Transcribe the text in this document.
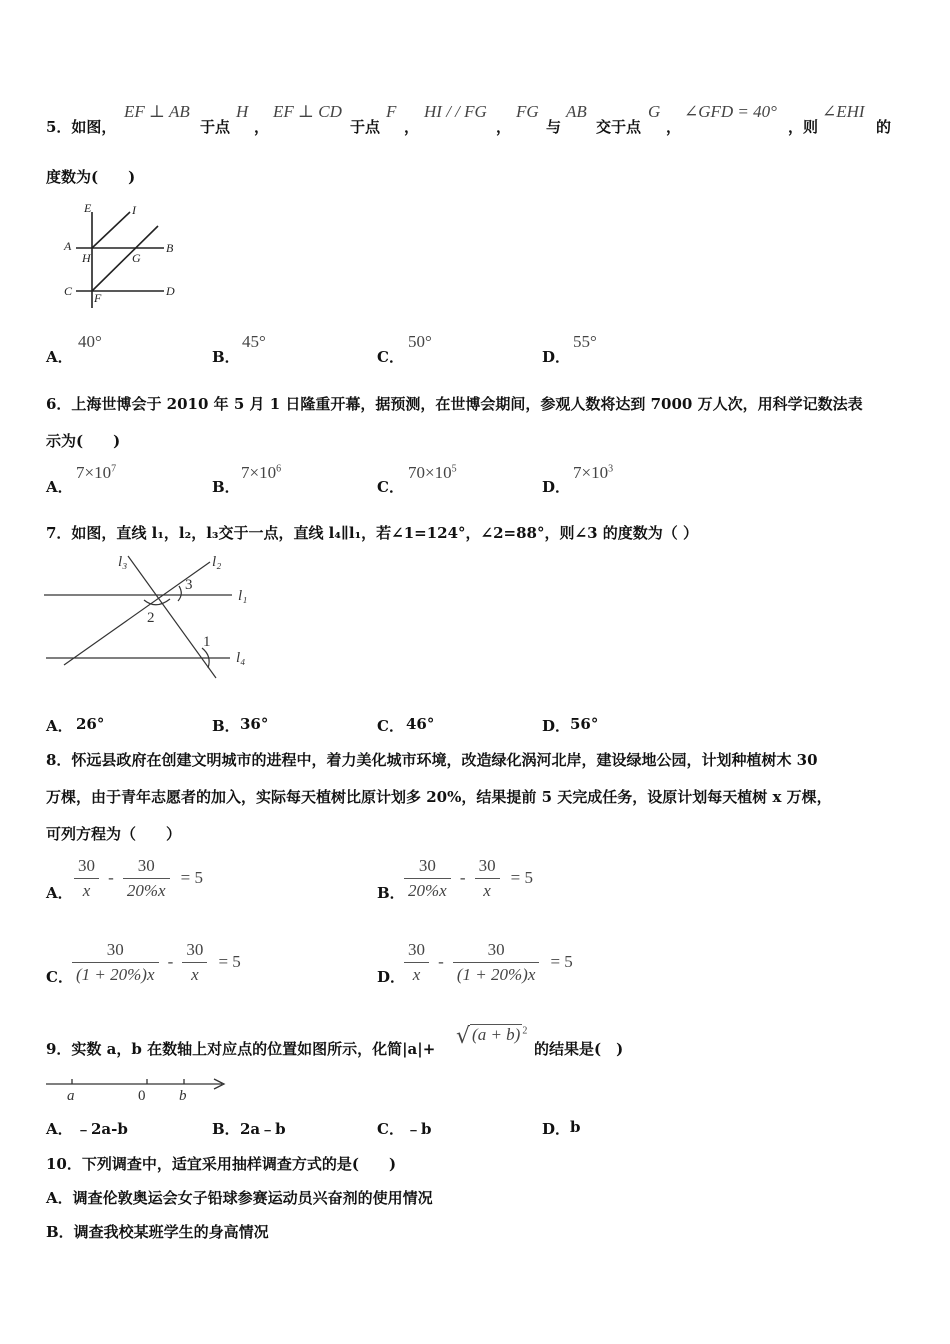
5．如图，
EF ⊥ AB
于点
H
，
EF ⊥ CD
于点
F
，
HI / / FG
，
FG
与
AB
交于点
G
，
∠GFD = 40°
，则
∠EHI
的
度数为(　　)
E	I
A
H	G
B
C F	D
A．
40°
B．
45°
C．
50°
D．
55°
6．上海世博会于 2010 年 5 月 1 日隆重开幕，据预测，在世博会期间，参观人数将达到 7000 万人次，用科学记数法表
示为(　　)
A．
$7\times 10^7$
B．
$7\times 10^6$
C．
$70\times 10^5$
D．
$7\times 10^3$
7．如图，直线 l₁，l₂，l₃交于一点，直线 l₄∥l₁，若∠1=124°，∠2=88°，则∠3 的度数为（ ）
l₃	l₂
l₁
l₄
1
2
3
A． 26°	B． 36°	C． 46°	D． 56°
8．怀远县政府在创建文明城市的进程中，着力美化城市环境，改造绿化涡河北岸，建设绿地公园，计划种植树木 30
万棵，由于青年志愿者的加入，实际每天植树比原计划多 20%，结果提前 5 天完成任务，设原计划每天植树 x 万棵，
可列方程为（　　）
A． $\frac{30}{x} - \frac{30}{20\%x} = 5$
B． $\frac{30}{20\%x} - \frac{30}{x} = 5$
C． $\frac{30}{(1 + 20\%)x} - \frac{30}{x} = 5$
D．
$\frac{30}{x} - \frac{30}{(1 + 20\%)x} = 5$
9．实数 a，b 在数轴上对应点的位置如图所示，化简|a|+ √ (a + b) $^2$
的结果是(　)
a	0 b
A． ﹣2a-b	B． 2a﹣b	C． ﹣b	D． b
10．下列调查中，适宜采用抽样调查方式的是(　　)
A．调查伦敦奥运会女子铅球参赛运动员兴奋剂的使用情况
B．调查我校某班学生的身高情况
